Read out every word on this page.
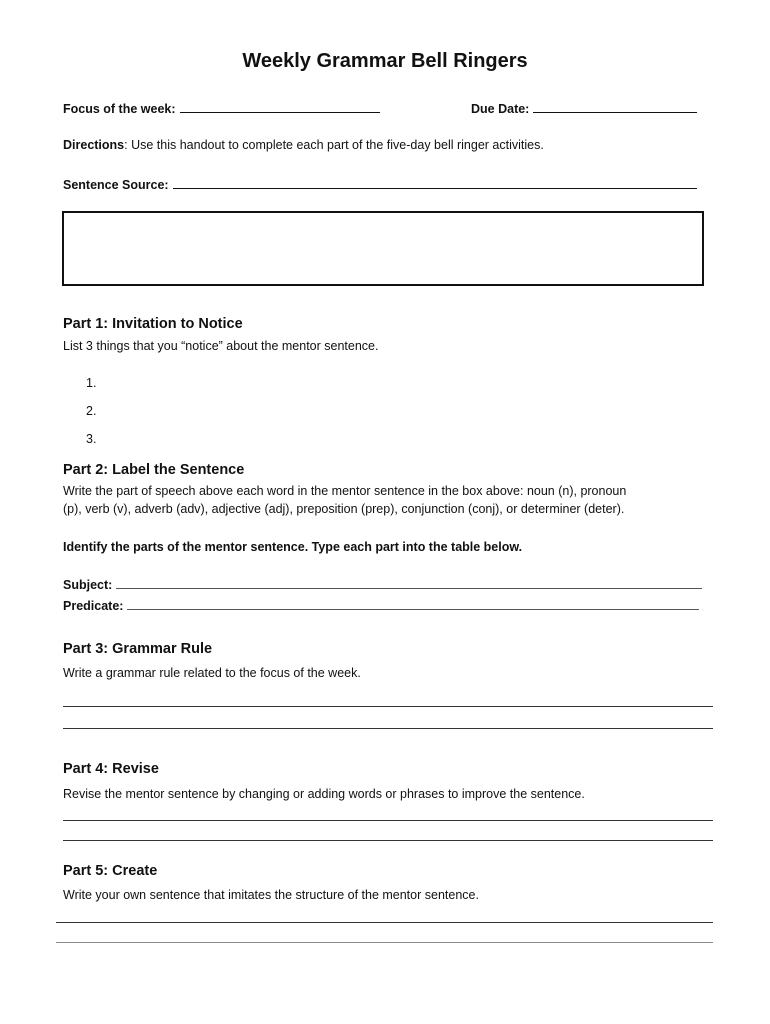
Weekly Grammar Bell Ringers
Focus of the week:	Due Date:
Directions: Use this handout to complete each part of the five-day bell ringer activities.
Sentence Source:
Part 1: Invitation to Notice
List 3 things that you “notice” about the mentor sentence.
1.
2.
3.
Part 2: Label the Sentence
Write the part of speech above each word in the mentor sentence in the box above: noun (n), pronoun
(p), verb (v), adverb (adv), adjective (adj), preposition (prep), conjunction (conj), or determiner (deter).
Identify the parts of the mentor sentence. Type each part into the table below.
Subject:
Predicate:
Part 3: Grammar Rule
Write a grammar rule related to the focus of the week.
Part 4: Revise
Revise the mentor sentence by changing or adding words or phrases to improve the sentence.
Part 5: Create
Write your own sentence that imitates the structure of the mentor sentence.
